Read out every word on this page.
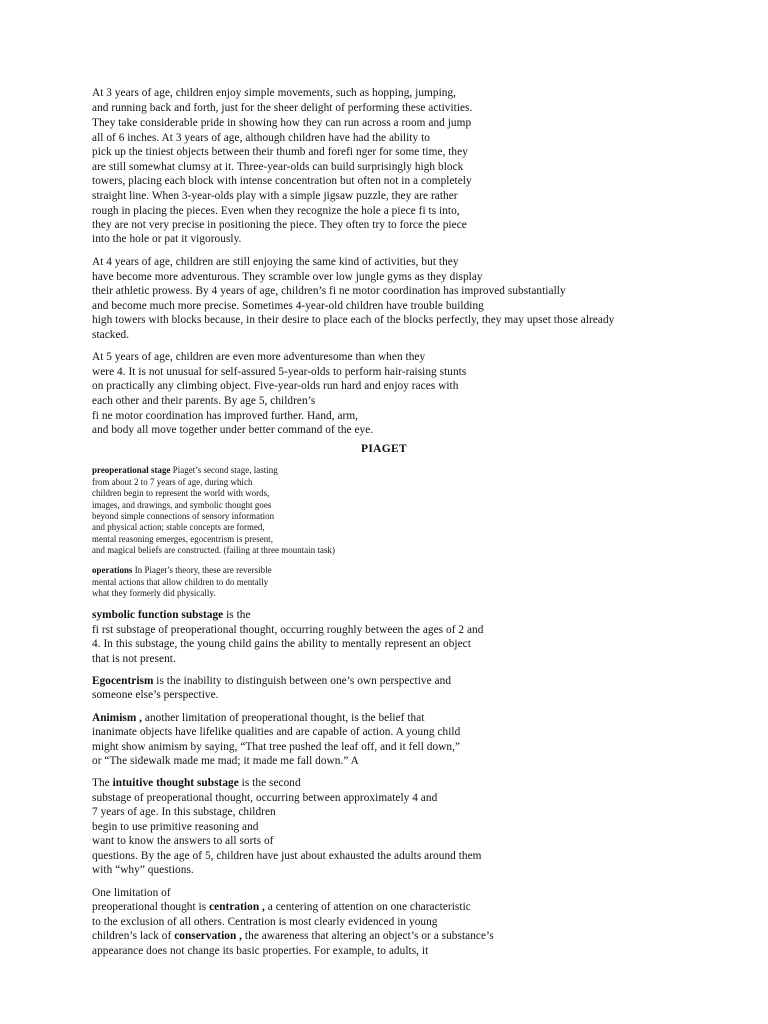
At 3 years of age, children enjoy simple movements, such as hopping, jumping,
and running back and forth, just for the sheer delight of performing these activities.
They take considerable pride in showing how they can run across a room and jump
all of 6 inches. At 3 years of age, although children have had the ability to
pick up the tiniest objects between their thumb and forefi nger for some time, they
are still somewhat clumsy at it. Three-year-olds can build surprisingly high block
towers, placing each block with intense concentration but often not in a completely
straight line. When 3-year-olds play with a simple jigsaw puzzle, they are rather
rough in placing the pieces. Even when they recognize the hole a piece fi ts into,
they are not very precise in positioning the piece. They often try to force the piece
into the hole or pat it vigorously.
At 4 years of age, children are still enjoying the same kind of activities, but they
have become more adventurous. They scramble over low jungle gyms as they display
their athletic prowess. By 4 years of age, children’s fi ne motor coordination has improved substantially
and become much more precise. Sometimes 4-year-old children have trouble building
high towers with blocks because, in their desire to place each of the blocks perfectly, they may upset those already
stacked.
At 5 years of age, children are even more adventuresome than when they
were 4. It is not unusual for self-assured 5-year-olds to perform hair-raising stunts
on practically any climbing object. Five-year-olds run hard and enjoy races with
each other and their parents. By age 5, children’s
fi ne motor coordination has improved further. Hand, arm,
and body all move together under better command of the eye.
PIAGET
preoperational stage Piaget’s second stage, lasting
from about 2 to 7 years of age, during which
children begin to represent the world with words,
images, and drawings, and symbolic thought goes
beyond simple connections of sensory information
and physical action; stable concepts are formed,
mental reasoning emerges, egocentrism is present,
and magical beliefs are constructed. (failing at three mountain task)
operations In Piaget’s theory, these are reversible
mental actions that allow children to do mentally
what they formerly did physically.
symbolic function substage is the
fi rst substage of preoperational thought, occurring roughly between the ages of 2 and
4. In this substage, the young child gains the ability to mentally represent an object
that is not present.
Egocentrism is the inability to distinguish between one’s own perspective and
someone else’s perspective.
Animism , another limitation of preoperational thought, is the belief that
inanimate objects have lifelike qualities and are capable of action. A young child
might show animism by saying, “That tree pushed the leaf off, and it fell down,”
or “The sidewalk made me mad; it made me fall down.” A
The intuitive thought substage is the second
substage of preoperational thought, occurring between approximately 4 and
7 years of age. In this substage, children
begin to use primitive reasoning and
want to know the answers to all sorts of
questions. By the age of 5, children have just about exhausted the adults around them
with “why” questions.
One limitation of
preoperational thought is centration , a centering of attention on one characteristic
to the exclusion of all others. Centration is most clearly evidenced in young
children’s lack of conservation , the awareness that altering an object’s or a substance’s
appearance does not change its basic properties. For example, to adults, it
